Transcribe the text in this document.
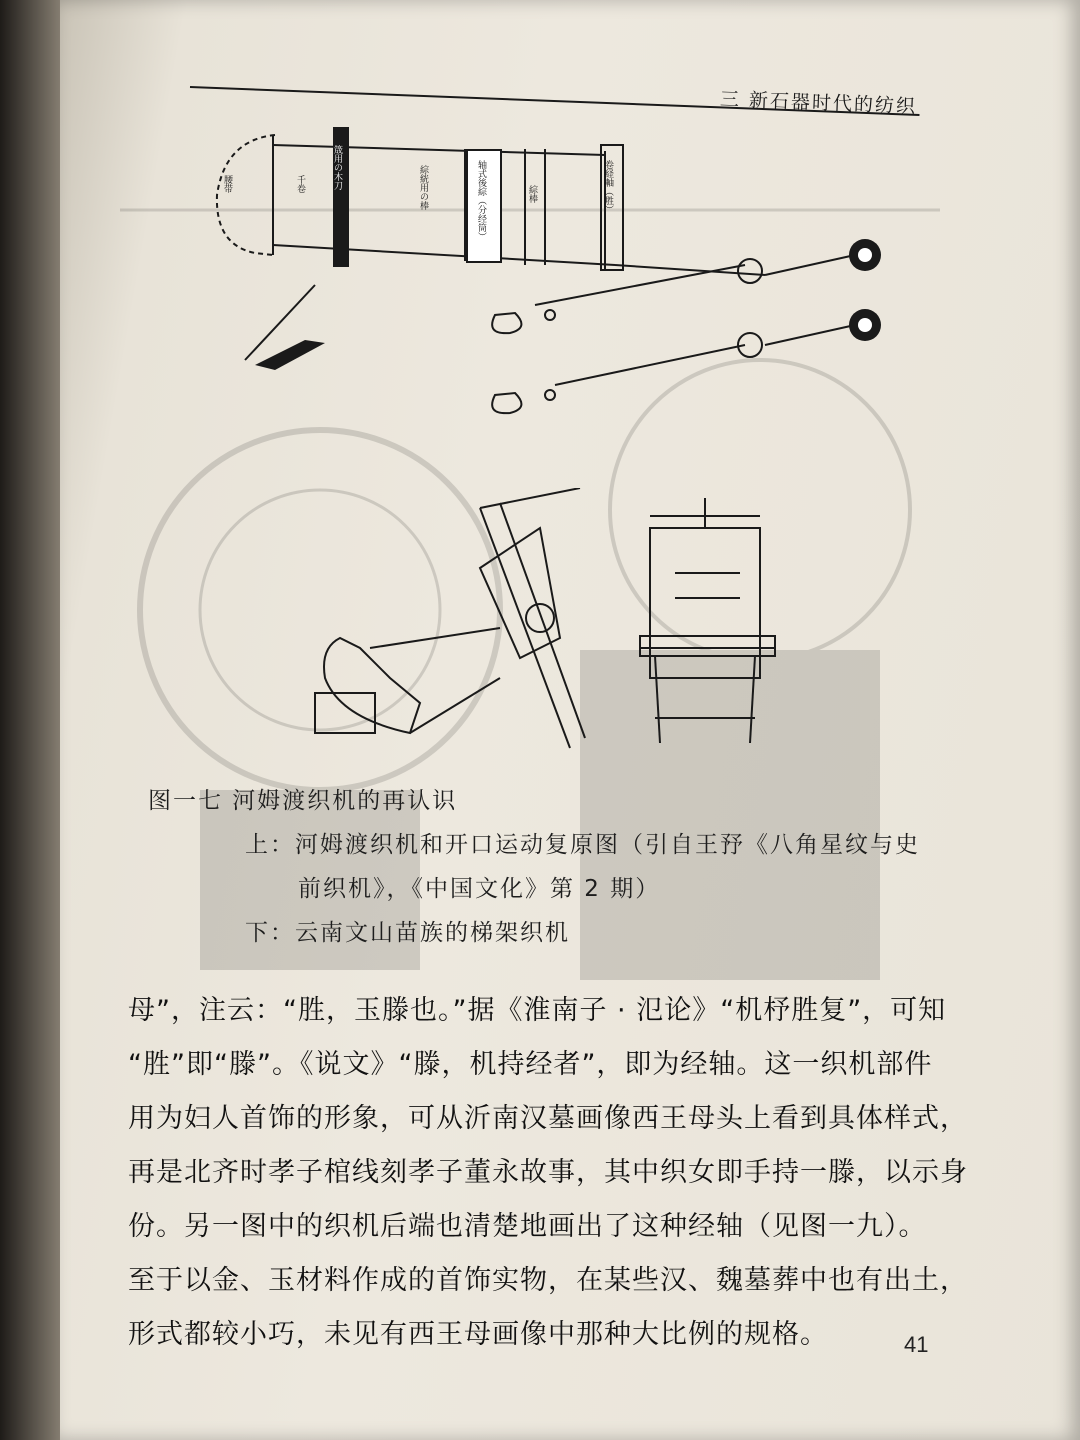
三 新石器时代的纺织
腰带	千卷	筬用の木刀	綜絖用の棒	轴式後綜（分经筒）	綜棒	卷経軸（胜）
图一七 河姆渡织机的再认识
上：河姆渡织机和开口运动复原图（引自王㐨《八角星纹与史
前织机》，《中国文化》第 2 期）
下：云南文山苗族的梯架织机
母”，注云：“胜，玉滕也。”据《淮南子 · 氾论》“机杼胜复”，可知
“胜”即“滕”。《说文》“滕，机持经者”，即为经轴。这一织机部件
用为妇人首饰的形象，可从沂南汉墓画像西王母头上看到具体样式，
再是北齐时孝子棺线刻孝子董永故事，其中织女即手持一滕，以示身
份。另一图中的织机后端也清楚地画出了这种经轴（见图一九）。
至于以金、玉材料作成的首饰实物，在某些汉、魏墓葬中也有出土，
形式都较小巧，未见有西王母画像中那种大比例的规格。	41
